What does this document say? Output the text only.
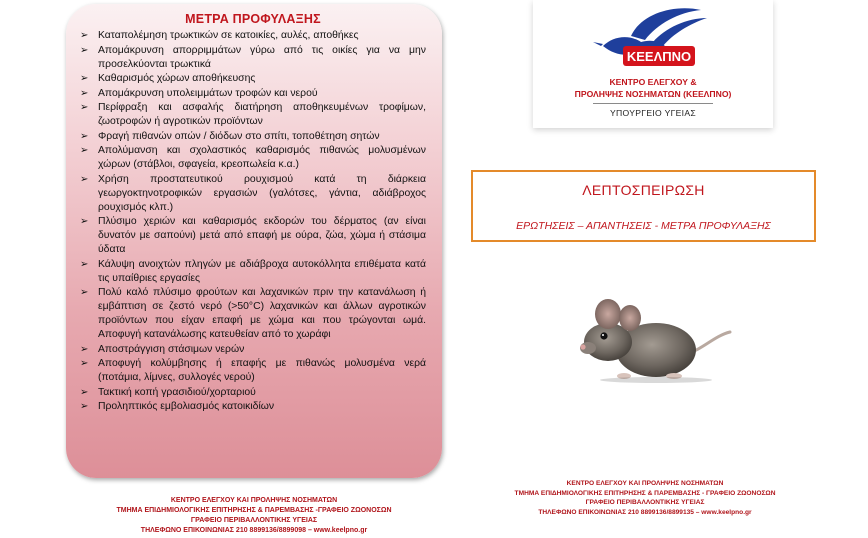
ΜΕΤΡΑ ΠΡΟΦΥΛΑΞΗΣ
➢ Καταπολέμηση τρωκτικών σε κατοικίες, αυλές, αποθήκες
➢ Απομάκρυνση απορριμμάτων γύρω από τις οικίες για να μην προσελκύονται τρωκτικά
➢ Καθαρισμός χώρων αποθήκευσης
➢ Απομάκρυνση υπολειμμάτων τροφών και νερού
➢ Περίφραξη και ασφαλής διατήρηση αποθηκευμένων τροφίμων, ζωοτροφών ή αγροτικών προϊόντων
➢ Φραγή πιθανών οπών / διόδων στο σπίτι, τοποθέτηση σητών
➢ Απολύμανση και σχολαστικός καθαρισμός πιθανώς μολυσμένων χώρων (στάβλοι, σφαγεία, κρεοπωλεία κ.α.)
➢ Χρήση προστατευτικού ρουχισμού κατά τη διάρκεια γεωργοκτηνοτροφικών εργασιών (γαλότσες, γάντια, αδιάβροχος ρουχισμός κλπ.)
➢ Πλύσιμο χεριών και καθαρισμός εκδορών του δέρματος (αν είναι δυνατόν με σαπούνι) μετά από επαφή με ούρα, ζώα, χώμα ή στάσιμα ύδατα
➢ Κάλυψη ανοιχτών πληγών με αδιάβροχα αυτοκόλλητα επιθέματα κατά τις υπαίθριες εργασίες
➢ Πολύ καλό πλύσιμο φρούτων και λαχανικών πριν την κατανάλωση ή εμβάπτιση σε ζεστό νερό (>50°C) λαχανικών και άλλων αγροτικών προϊόντων που είχαν επαφή με χώμα και που τρώγονται ωμά. Αποφυγή κατανάλωσης κατευθείαν από το χωράφι
➢ Αποστράγγιση στάσιμων νερών
➢ Αποφυγή κολύμβησης ή επαφής με πιθανώς μολυσμένα νερά (ποτάμια, λίμνες, συλλογές νερού)
➢ Τακτική κοπή γρασιδιού/χορταριού
➢ Προληπτικός εμβολιασμός κατοικιδίων
ΚΕΝΤΡΟ ΕΛΕΓΧΟΥ ΚΑΙ ΠΡΟΛΗΨΗΣ ΝΟΣΗΜΑΤΩΝ
ΤΜΗΜΑ ΕΠΙΔΗΜΙΟΛΟΓΙΚΗΣ ΕΠΙΤΗΡΗΣΗΣ & ΠΑΡΕΜΒΑΣΗΣ -ΓΡΑΦΕΙΟ ΖΩΟΝΟΣΩΝ
ΓΡΑΦΕΙΟ ΠΕΡΙΒΑΛΛΟΝΤΙΚΗΣ ΥΓΕΙΑΣ
ΤΗΛΕΦΩΝΟ ΕΠΙΚΟΙΝΩΝΙΑΣ 210 8899136/8899098 – www.keelpno.gr
ΚΕΕΛΠΝΟ
ΚΕΝΤΡΟ ΕΛΕΓΧΟΥ &
ΠΡΟΛΗΨΗΣ ΝΟΣΗΜΑΤΩΝ (ΚΕΕΛΠΝΟ)
ΥΠΟΥΡΓΕΙΟ ΥΓΕΙΑΣ
ΛΕΠΤΟΣΠΕΙΡΩΣΗ
ΕΡΩΤΗΣΕΙΣ – ΑΠΑΝΤΗΣΕΙΣ - ΜΕΤΡΑ ΠΡΟΦΥΛΑΞΗΣ
ΚΕΝΤΡΟ ΕΛΕΓΧΟΥ ΚΑΙ ΠΡΟΛΗΨΗΣ ΝΟΣΗΜΑΤΩΝ
ΤΜΗΜΑ ΕΠΙΔΗΜΙΟΛΟΓΙΚΗΣ ΕΠΙΤΗΡΗΣΗΣ & ΠΑΡΕΜΒΑΣΗΣ - ΓΡΑΦΕΙΟ ΖΩΟΝΟΣΩΝ
ΓΡΑΦΕΙΟ ΠΕΡΙΒΑΛΛΟΝΤΙΚΗΣ ΥΓΕΙΑΣ
ΤΗΛΕΦΩΝΟ ΕΠΙΚΟΙΝΩΝΙΑΣ 210 8899136/8899135 – www.keelpno.gr
